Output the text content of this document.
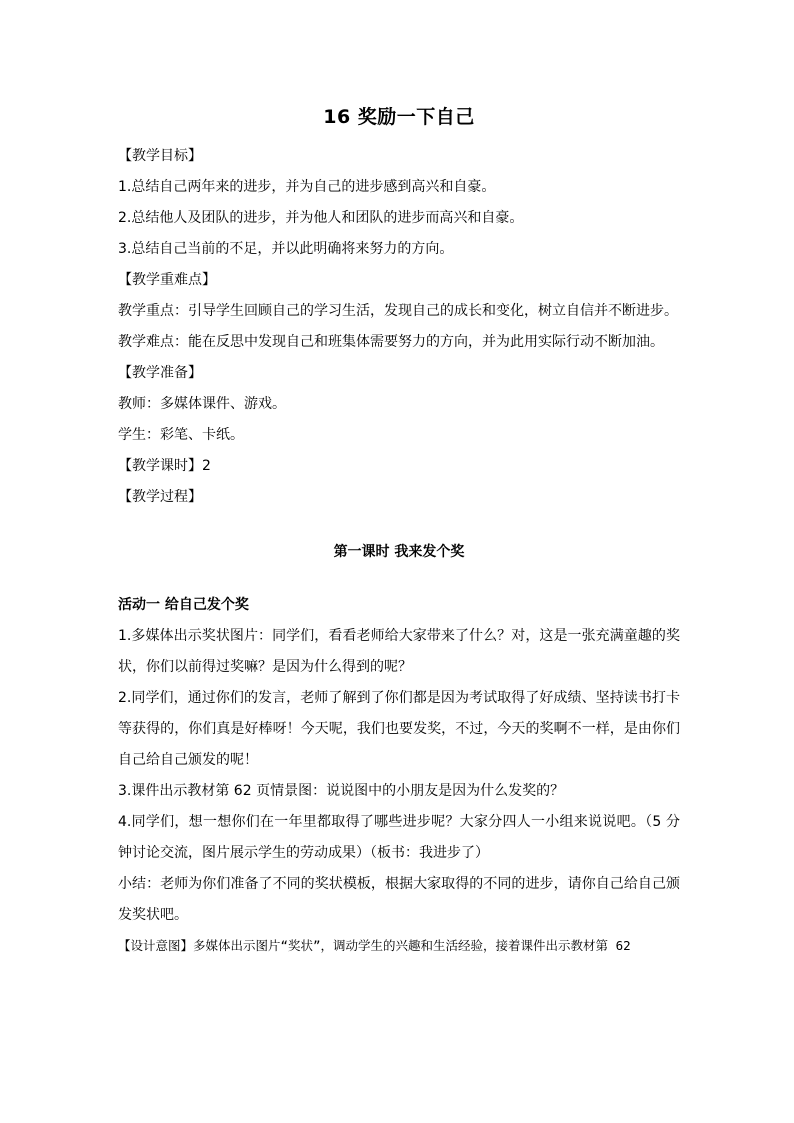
16 奖励一下自己

【教学目标】

1.总结自己两年来的进步，并为自己的进步感到高兴和自豪。

2.总结他人及团队的进步，并为他人和团队的进步而高兴和自豪。

3.总结自己当前的不足，并以此明确将来努力的方向。

【教学重难点】

教学重点：引导学生回顾自己的学习生活，发现自己的成长和变化，树立自信并不断进步。

教学难点：能在反思中发现自己和班集体需要努力的方向，并为此用实际行动不断加油。

【教学准备】

教师：多媒体课件、游戏。

学生：彩笔、卡纸。

【教学课时】2

【教学过程】

第一课时 我来发个奖

活动一 给自己发个奖

1.多媒体出示奖状图片：同学们，看看老师给大家带来了什么？对，这是一张充满童趣的奖状，你们以前得过奖嘛？是因为什么得到的呢？

2.同学们，通过你们的发言，老师了解到了你们都是因为考试取得了好成绩、坚持读书打卡等获得的，你们真是好棒呀！今天呢，我们也要发奖，不过，今天的奖啊不一样，是由你们自己给自己颁发的呢！

3.课件出示教材第 62 页情景图：说说图中的小朋友是因为什么发奖的？

4.同学们，想一想你们在一年里都取得了哪些进步呢？大家分四人一小组来说说吧。（5 分钟讨论交流，图片展示学生的劳动成果）（板书：我进步了）

小结：老师为你们准备了不同的奖状模板，根据大家取得的不同的进步，请你自己给自己颁发奖状吧。

【设计意图】多媒体出示图片“奖状”，调动学生的兴趣和生活经验，接着课件出示教材第 62
